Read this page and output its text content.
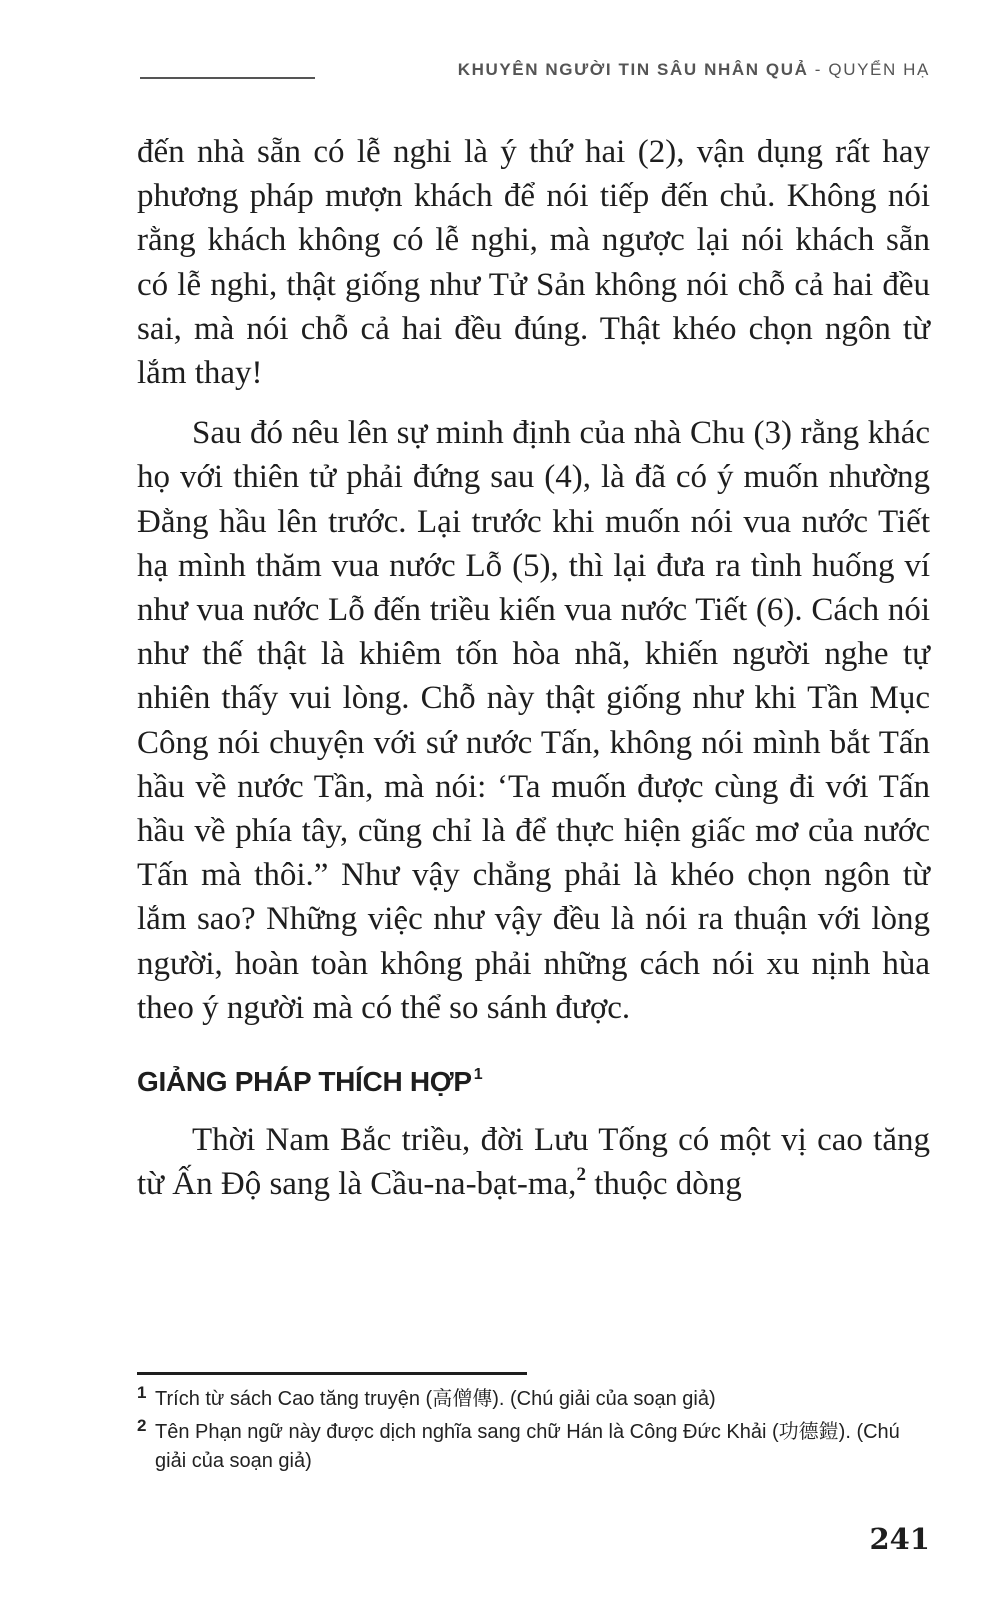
KHUYÊN NGƯỜI TIN SÂU NHÂN QUẢ - QUYỂN HẠ

đến nhà sẵn có lễ nghi là ý thứ hai (2), vận dụng rất hay phương pháp mượn khách để nói tiếp đến chủ. Không nói rằng khách không có lễ nghi, mà ngược lại nói khách sẵn có lễ nghi, thật giống như Tử Sản không nói chỗ cả hai đều sai, mà nói chỗ cả hai đều đúng. Thật khéo chọn ngôn từ lắm thay!

Sau đó nêu lên sự minh định của nhà Chu (3) rằng khác họ với thiên tử phải đứng sau (4), là đã có ý muốn nhường Đằng hầu lên trước. Lại trước khi muốn nói vua nước Tiết hạ mình thăm vua nước Lỗ (5), thì lại đưa ra tình huống ví như vua nước Lỗ đến triều kiến vua nước Tiết (6). Cách nói như thế thật là khiêm tốn hòa nhã, khiến người nghe tự nhiên thấy vui lòng. Chỗ này thật giống như khi Tần Mục Công nói chuyện với sứ nước Tấn, không nói mình bắt Tấn hầu về nước Tần, mà nói: ‘Ta muốn được cùng đi với Tấn hầu về phía tây, cũng chỉ là để thực hiện giấc mơ của nước Tấn mà thôi.” Như vậy chẳng phải là khéo chọn ngôn từ lắm sao? Những việc như vậy đều là nói ra thuận với lòng người, hoàn toàn không phải những cách nói xu nịnh hùa theo ý người mà có thể so sánh được.

GIẢNG PHÁP THÍCH HỢP $^1$

Thời Nam Bắc triều, đời Lưu Tống có một vị cao tăng từ Ấn Độ sang là Cầu-na-bạt-ma,$^2$ thuộc dòng

1 Trích từ sách Cao tăng truyện (高僧傳). (Chú giải của soạn giả)
2 Tên Phạn ngữ này được dịch nghĩa sang chữ Hán là Công Đức Khải (功德鎧). (Chú giải của soạn giả)
241
